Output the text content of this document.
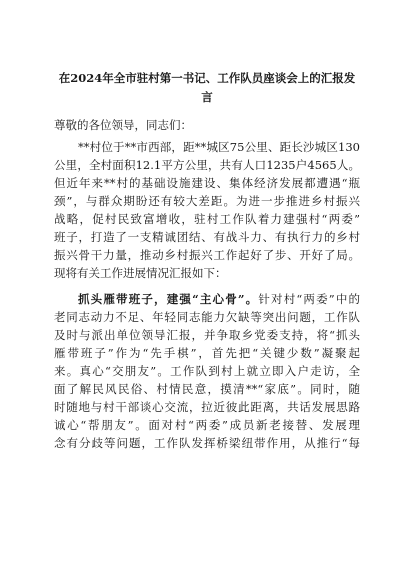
在2024年全市驻村第一书记、工作队员座谈会上的汇报发
言
尊敬的各位领导，同志们：
**村位于**市西部，距**城区75公里、距长沙城区130
公里，全村面积12.1平方公里，共有人口1235户4565人。
但近年来**村的基础设施建设、集体经济发展都遭遇“瓶
颈”，与群众期盼还有较大差距。为进一步推进乡村振兴
战略，促村民致富增收，驻村工作队着力建强村“两委”
班子，打造了一支精诚团结、有战斗力、有执行力的乡村
振兴骨干力量，推动乡村振兴工作起好了步、开好了局。
现将有关工作进展情况汇报如下：
抓头雁带班子，建强“主心骨”。针对村“两委”中的
老同志动力不足、年轻同志能力欠缺等突出问题，工作队
及时与派出单位领导汇报，并争取乡党委支持，将“抓头
雁带班子”作为“先手棋”，首先把“关键少数”凝聚起
来。真心“交朋友”。工作队到村上就立即入户走访，全
面了解民风民俗、村情民意，摸清**“家底”。同时，随
时随地与村干部谈心交流，拉近彼此距离，共话发展思路
诚心“帮朋友”。面对村“两委”成员新老接替、发展理
念有分歧等问题，工作队发挥桥梁纽带作用，从推行“每
